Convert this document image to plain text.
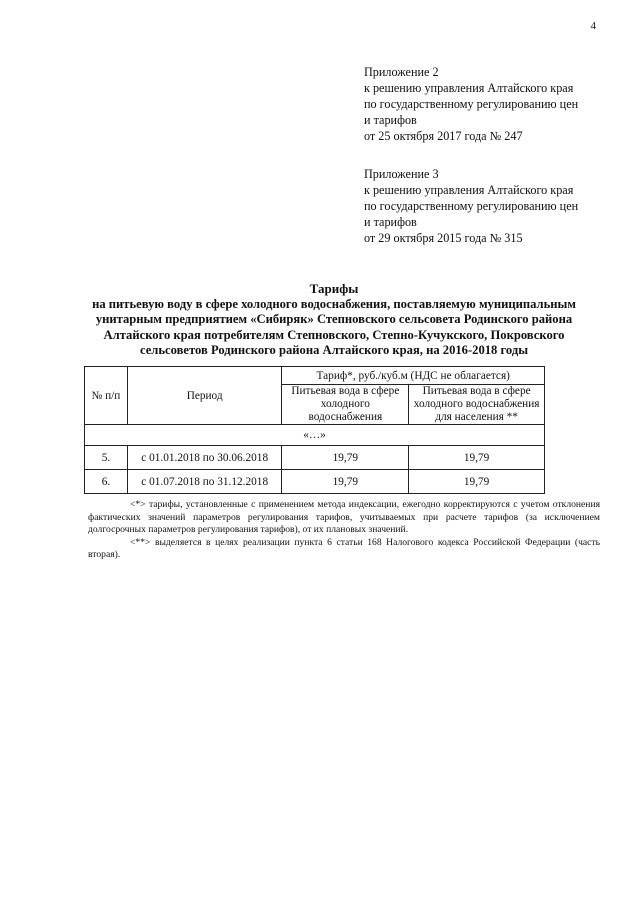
4
Приложение 2
к решению управления Алтайского края
по государственному регулированию цен
и тарифов
от 25 октября 2017 года № 247
Приложение 3
к решению управления Алтайского края
по государственному регулированию цен
и тарифов
от 29 октября 2015 года № 315
Тарифы
на питьевую воду в сфере холодного водоснабжения, поставляемую муниципальным
унитарным предприятием «Сибиряк» Степновского сельсовета Родинского района
Алтайского края потребителям Степновского, Степно-Кучукского, Покровского
сельсоветов Родинского района Алтайского края, на 2016-2018 годы
№ п/п	Период	Тариф*, руб./куб.м (НДС не облагается)	
		Питьевая вода в сфере холодного водоснабжения	Питьевая вода в сфере
холодного водоснабжения
для населения **

«…»			
5.	с 01.01.2018 по 30.06.2018	19,79	19,79
6.	с 01.07.2018 по 31.12.2018	19,79	19,79

<*> тарифы, установленные с применением метода индексации, ежегодно корректируются с учетом отклонения фактических значений параметров регулирования тарифов, учитываемых при расчете тарифов (за исключением долгосрочных параметров регулирования тарифов), от их плановых значений.

<**> выделяется в целях реализации пункта 6 статьи 168 Налогового кодекса Российской Федерации (часть вторая).
